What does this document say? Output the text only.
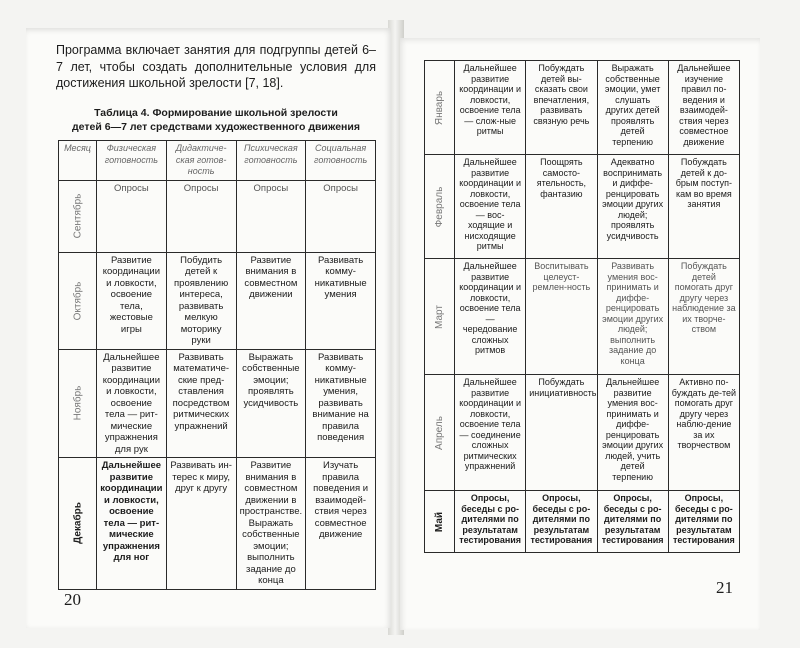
Программа включает занятия для подгруппы детей 6–7 лет, чтобы создать дополнительные условия для достижения школьной зрелости [7, 18].
Таблица 4. Формирование школьной зрелости
детей 6—7 лет средствами художественного движения
Месяц	Физическая готовность	Дидактиче-ская готов-ность	Психическая готовность	Социальная готовность

Сентябрь	Опросы	Опросы	Опросы	Опросы

Октябрь	Развитие координации и ловкости, освоение тела, жестовые игры	Побудить детей к проявлению интереса, развивать мелкую моторику руки	Развитие внимания в совместном движении	Развивать комму-никативные умения

Ноябрь	Дальнейшее развитие координации и ловкости, освоение тела — рит-мические упражнения для рук	Развивать математиче-ские пред-ставления посредством ритмических упражнений	Выражать собственные эмоции; проявлять усидчивость	Развивать комму-никативные умения, развивать внимание на правила поведения

Декабрь	Дальнейшее развитие координации и ловкости, освоение тела — рит-мические упражнения для ног	Развивать ин-терес к миру, друг к другу	Развитие внимания в совместном движении в пространстве. Выражать собственные эмоции; выполнить задание до конца	Изучать правила поведения и взаимодей-ствия через совместное движение
Январь	Дальнейшее развитие координации и ловкости, освоение тела — слож-ные ритмы	Побуждать детей вы-сказать свои впечатления, развивать связную речь	Выражать собственные эмоции, умет слушать других детей проявлять детей терпению	Дальнейшее изучение правил по-ведения и взаимодей-ствия через совместное движение

Февраль	Дальнейшее развитие координации и ловкости, освоение тела — вос-ходящие и нисходящие ритмы	Поощрять самосто-ятельность, фантазию	Адекватно воспринимать и диффе-ренцировать эмоции других людей; проявлять усидчивость	Побуждать детей к до-брым поступ-кам во время занятия

Март	Дальнейшее развитие координации и ловкости, освоение тела — чередование сложных ритмов	Воспитывать целеуст-ремлен-ность	Развивать умения вос-принимать и диффе-ренцировать эмоции других людей; выполнить задание до конца	Побуждать детей помогать друг другу через наблюдение за их творче-ством

Апрель	Дальнейшее развитие координации и ловкости, освоение тела — соединение сложных ритмических упражнений	Побуждать инициативность	Дальнейшее развитие умения вос-принимать и диффе-ренцировать эмоции других людей, учить детей терпению	Активно по-буждать де-тей помогать друг другу через наблю-дение за их творчеством

Май	Опросы, беседы с ро-дителями по результатам тестирования	Опросы, беседы с ро-дителями по результатам тестирования	Опросы, беседы с ро-дителями по результатам тестирования	Опросы, беседы с ро-дителями по результатам тестирования
20
21
